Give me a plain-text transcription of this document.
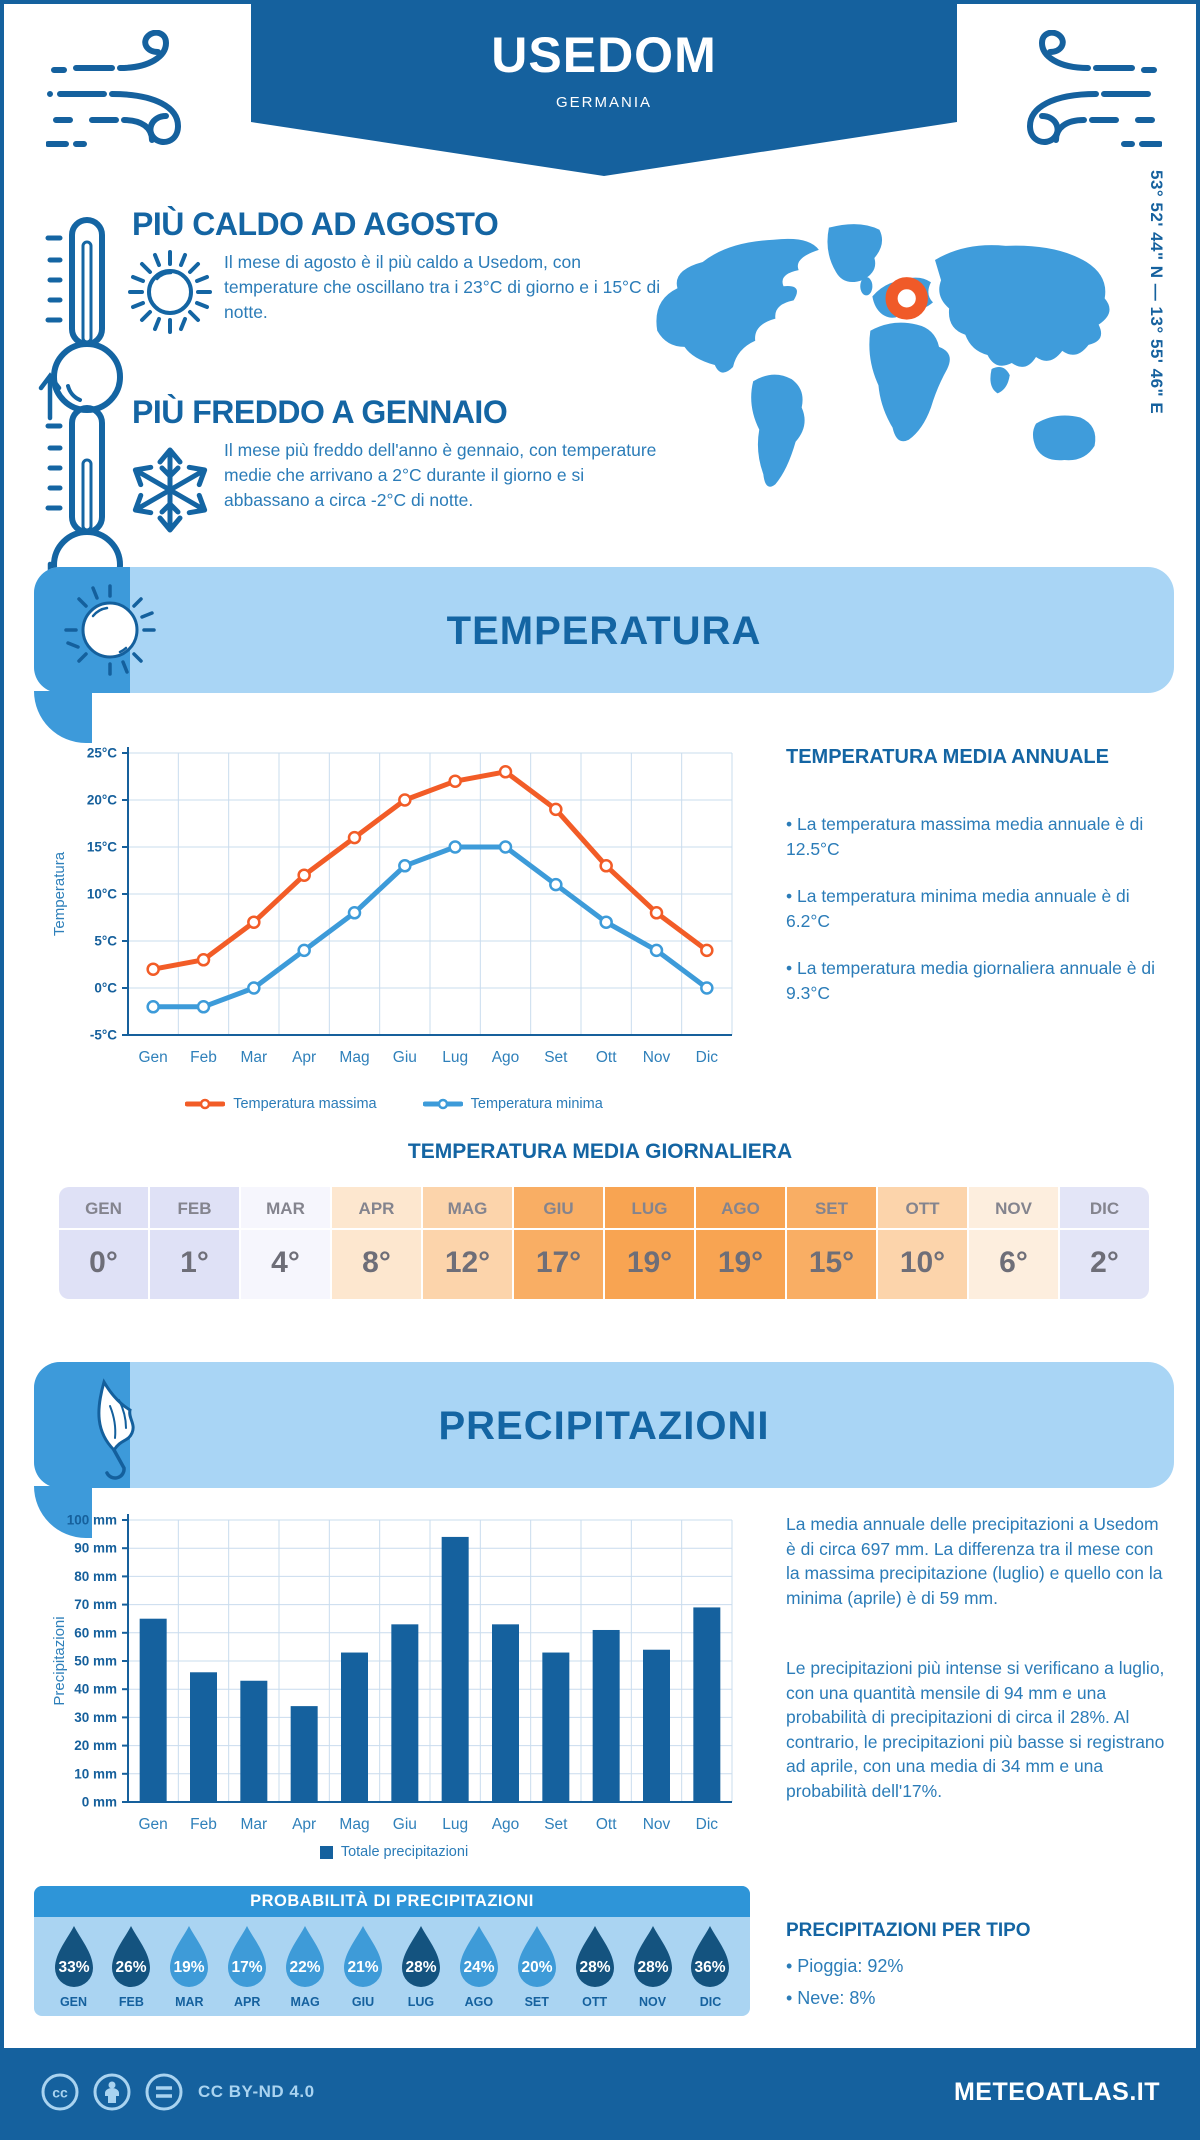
USEDOM
GERMANIA
PIÙ CALDO AD AGOSTO
Il mese di agosto è il più caldo a Usedom, con temperature che oscillano tra i 23°C di giorno e i 15°C di notte.
PIÙ FREDDO A GENNAIO
Il mese più freddo dell'anno è gennaio, con temperature medie che arrivano a 2°C durante il giorno e si abbassano a circa -2°C di notte.
53° 52' 44" N — 13° 55' 46" E
TEMPERATURA
-5°C
0°C
5°C
10°C
15°C
20°C
25°C
Gen Feb Mar Apr Mag Giu Lug Ago Set Ott Nov Dic
Temperatura
Temperatura massima	Temperatura minima
TEMPERATURA MEDIA ANNUALE
• La temperatura massima media annuale è di 12.5°C
• La temperatura minima media annuale è di 6.2°C
• La temperatura media giornaliera annuale è di 9.3°C
TEMPERATURA MEDIA GIORNALIERA
GEN
0°
FEB
1°
MAR
4°
APR
8°
MAG
12°
GIU
17°
LUG
19°
AGO
19°
SET
15°
OTT
10°
NOV
6°
DIC
2°
PRECIPITAZIONI
0 mm
10 mm
20 mm
30 mm
40 mm
50 mm
60 mm
70 mm
80 mm
90 mm
100 mm
Gen Feb Mar Apr Mag Giu Lug Ago Set Ott Nov Dic
Precipitazioni
Totale precipitazioni
La media annuale delle precipitazioni a Usedom è di circa 697 mm. La differenza tra il mese con la massima precipitazione (luglio) e quello con la minima (aprile) è di 59 mm.
Le precipitazioni più intense si verificano a luglio, con una quantità mensile di 94 mm e una probabilità di precipitazioni di circa il 28%. Al contrario, le precipitazioni più basse si registrano ad aprile, con una media di 34 mm e una probabilità dell'17%.
PROBABILITÀ DI PRECIPITAZIONI
33%
GEN
26%
FEB
19%
MAR
17%
APR
22%
MAG
21%
GIU
28%
LUG
24%
AGO
20%
SET
28%
OTT
28%
NOV
36%
DIC
PRECIPITAZIONI PER TIPO
• Pioggia: 92%
• Neve: 8%
cc	CC BY-ND 4.0	METEOATLAS.IT
